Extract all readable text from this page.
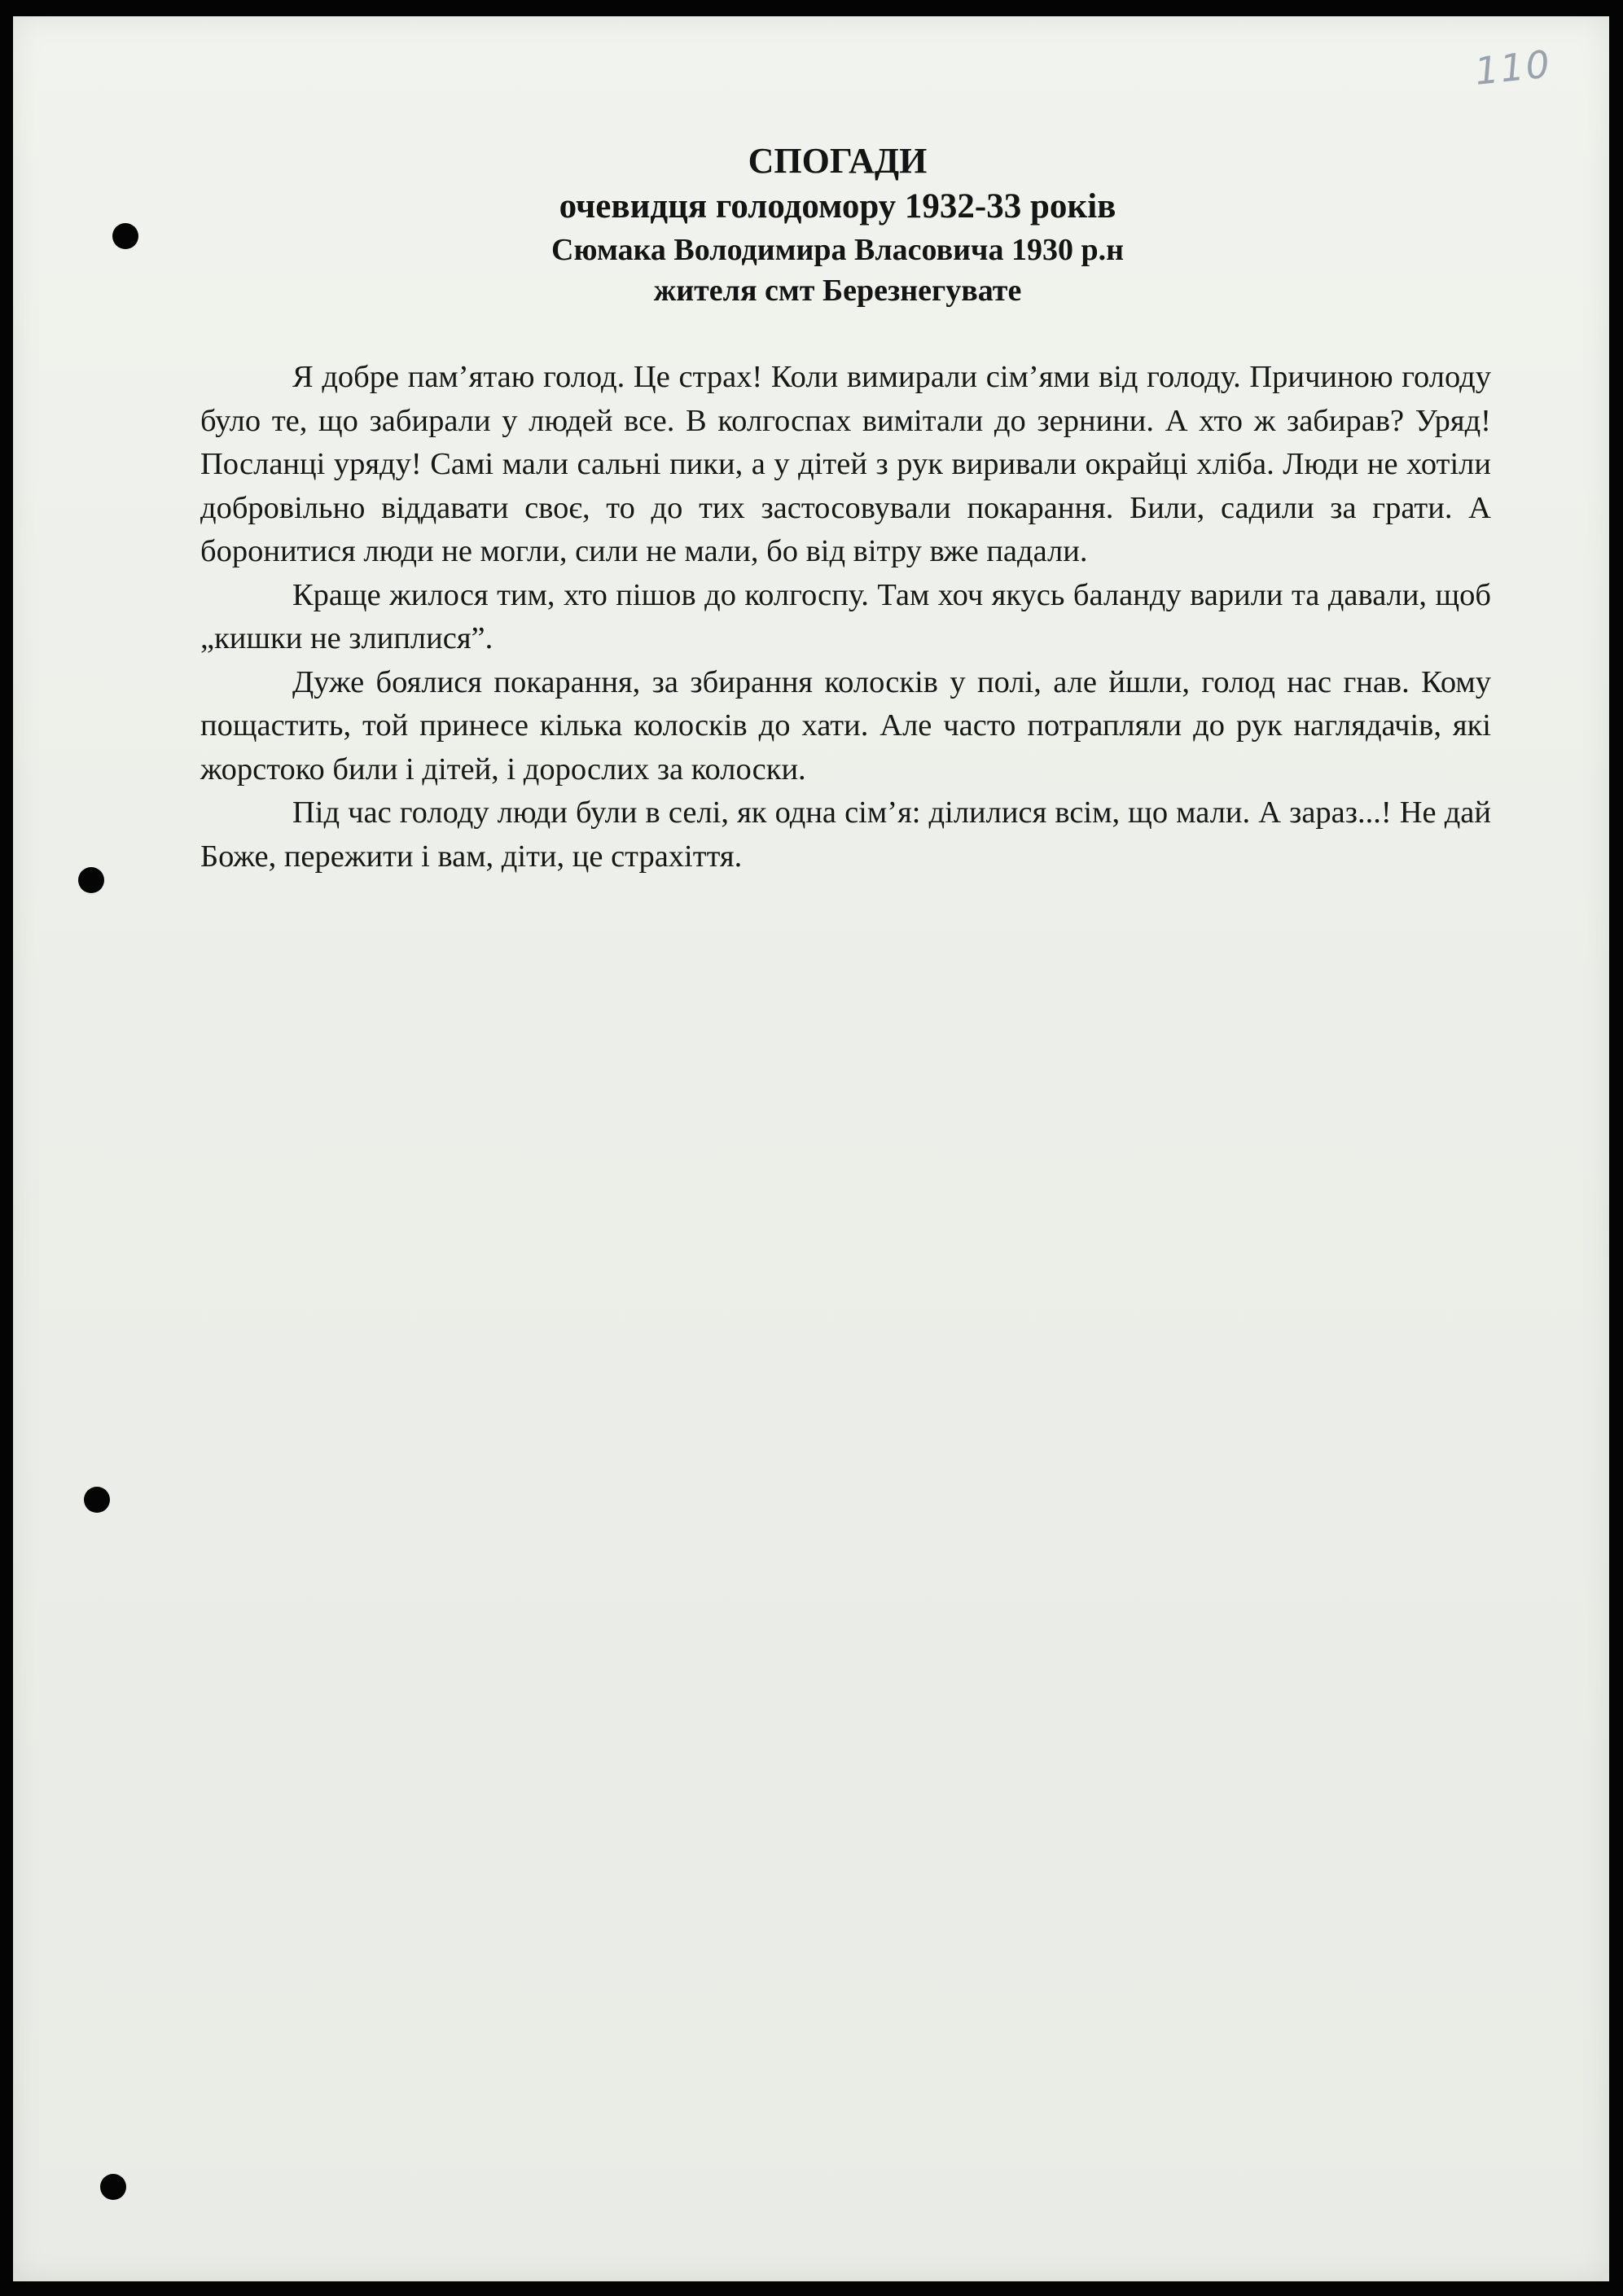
110
СПОГАДИ
очевидця голодомору 1932-33 років
Сюмака Володимира Власовича 1930 р.н
жителя смт Березнегувате

Я добре пам’ятаю голод. Це страх! Коли вимирали сім’ями від голоду. Причиною голоду було те, що забирали у людей все. В колгоспах вимітали до зернини. А хто ж забирав? Уряд! Посланці уряду! Самі мали сальні пики, а у дітей з рук виривали окрайці хліба. Люди не хотіли добровільно віддавати своє, то до тих застосовували покарання. Били, садили за грати. А боронитися люди не могли, сили не мали, бо від вітру вже падали.

Краще жилося тим, хто пішов до колгоспу. Там хоч якусь баланду варили та давали, щоб „кишки не злиплися”.

Дуже боялися покарання, за збирання колосків у полі, але йшли, голод нас гнав. Кому пощастить, той принесе кілька колосків до хати. Але часто потрапляли до рук наглядачів, які жорстоко били і дітей, і дорослих за колоски.

Під час голоду люди були в селі, як одна сім’я: ділилися всім, що мали. А зараз...! Не дай Боже, пережити і вам, діти, це страхіття.
